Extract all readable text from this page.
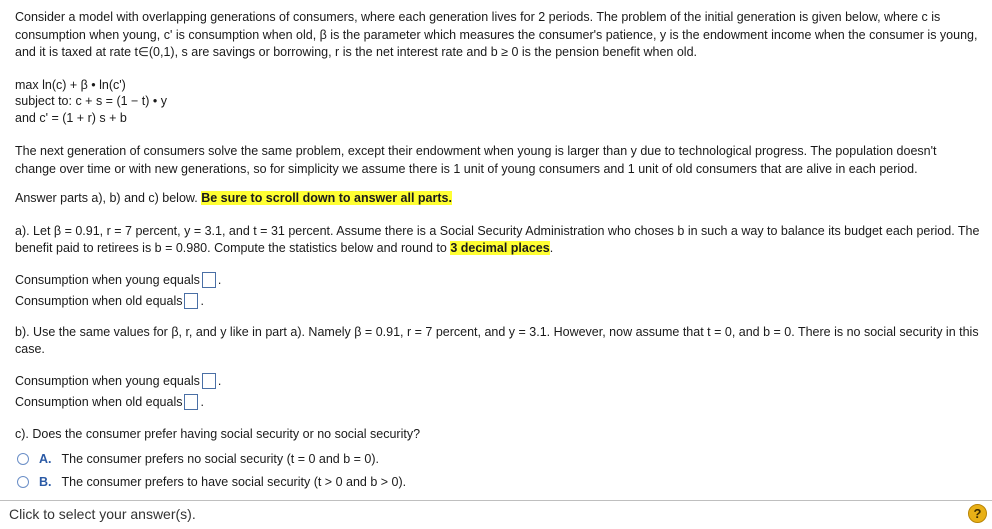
Consider a model with overlapping generations of consumers, where each generation lives for 2 periods. The problem of the initial generation is given below, where c is consumption when young, c' is consumption when old, β is the parameter which measures the consumer's patience, y is the endowment income when the consumer is young, and it is taxed at rate t∈(0,1), s are savings or borrowing, r is the net interest rate and b ≥ 0 is the pension benefit when old.

max ln(c) + β • ln(c')

subject to: c + s = (1 − t) • y

and c' = (1 + r) s + b

The next generation of consumers solve the same problem, except their endowment when young is larger than y due to technological progress. The population doesn't change over time or with new generations, so for simplicity we assume there is 1 unit of young consumers and 1 unit of old consumers that are alive in each period.

Answer parts a), b) and c) below. Be sure to scroll down to answer all parts.

a). Let β = 0.91, r = 7 percent, y = 3.1, and t = 31 percent. Assume there is a Social Security Administration who choses b in such a way to balance its budget each period. The benefit paid to retirees is b = 0.980. Compute the statistics below and round to 3 decimal places.

Consumption when young equals .
Consumption when old equals .

b). Use the same values for β, r, and y like in part a). Namely β = 0.91, r = 7 percent, and y = 3.1. However, now assume that t = 0, and b = 0. There is no social security in this case.

Consumption when young equals .
Consumption when old equals .

c). Does the consumer prefer having social security or no social security?

A. The consumer prefers no social security (t = 0 and b = 0).
B. The consumer prefers to have social security (t > 0 and b > 0).
Click to select your answer(s).	?
